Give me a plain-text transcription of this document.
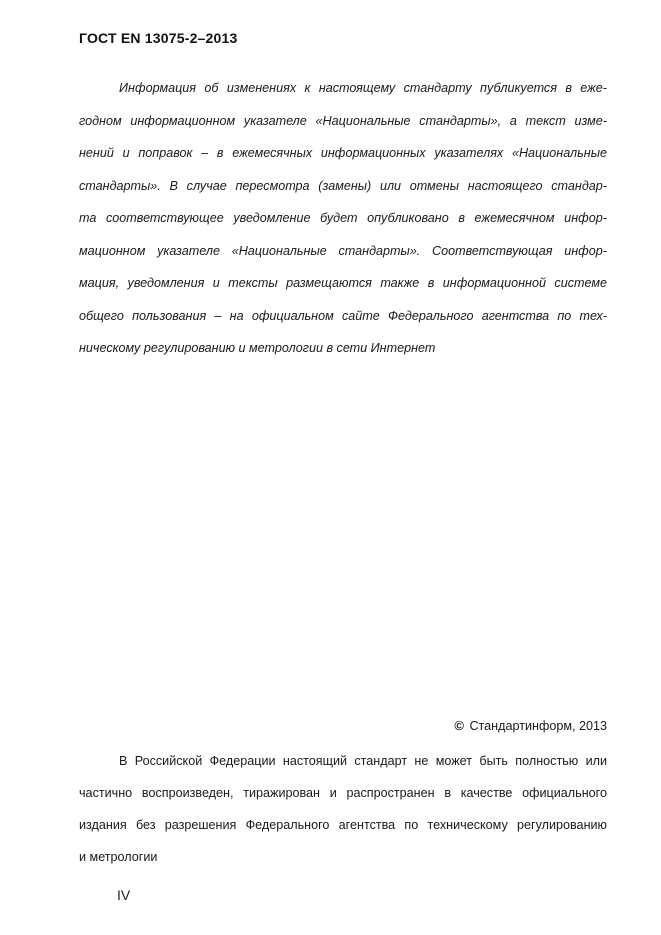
ГОСТ EN 13075-2–2013
Информация об изменениях к настоящему стандарту публикуется в еже-
годном информационном указателе «Национальные стандарты», а текст изме-
нений и поправок – в ежемесячных информационных указателях «Национальные
стандарты». В случае пересмотра (замены) или отмены настоящего стандар-
та соответствующее уведомление будет опубликовано в ежемесячном инфор-
мационном указателе «Национальные стандарты». Соответствующая инфор-
мация, уведомления и тексты размещаются также в информационной системе
общего пользования – на официальном сайте Федерального агентства по тех-
ническому регулированию и метрологии в сети Интернет
© Стандартинформ, 2013
В Российской Федерации настоящий стандарт не может быть полностью или
частично воспроизведен, тиражирован и распространен в качестве официального
издания без разрешения Федерального агентства по техническому регулированию
и метрологии
IV
